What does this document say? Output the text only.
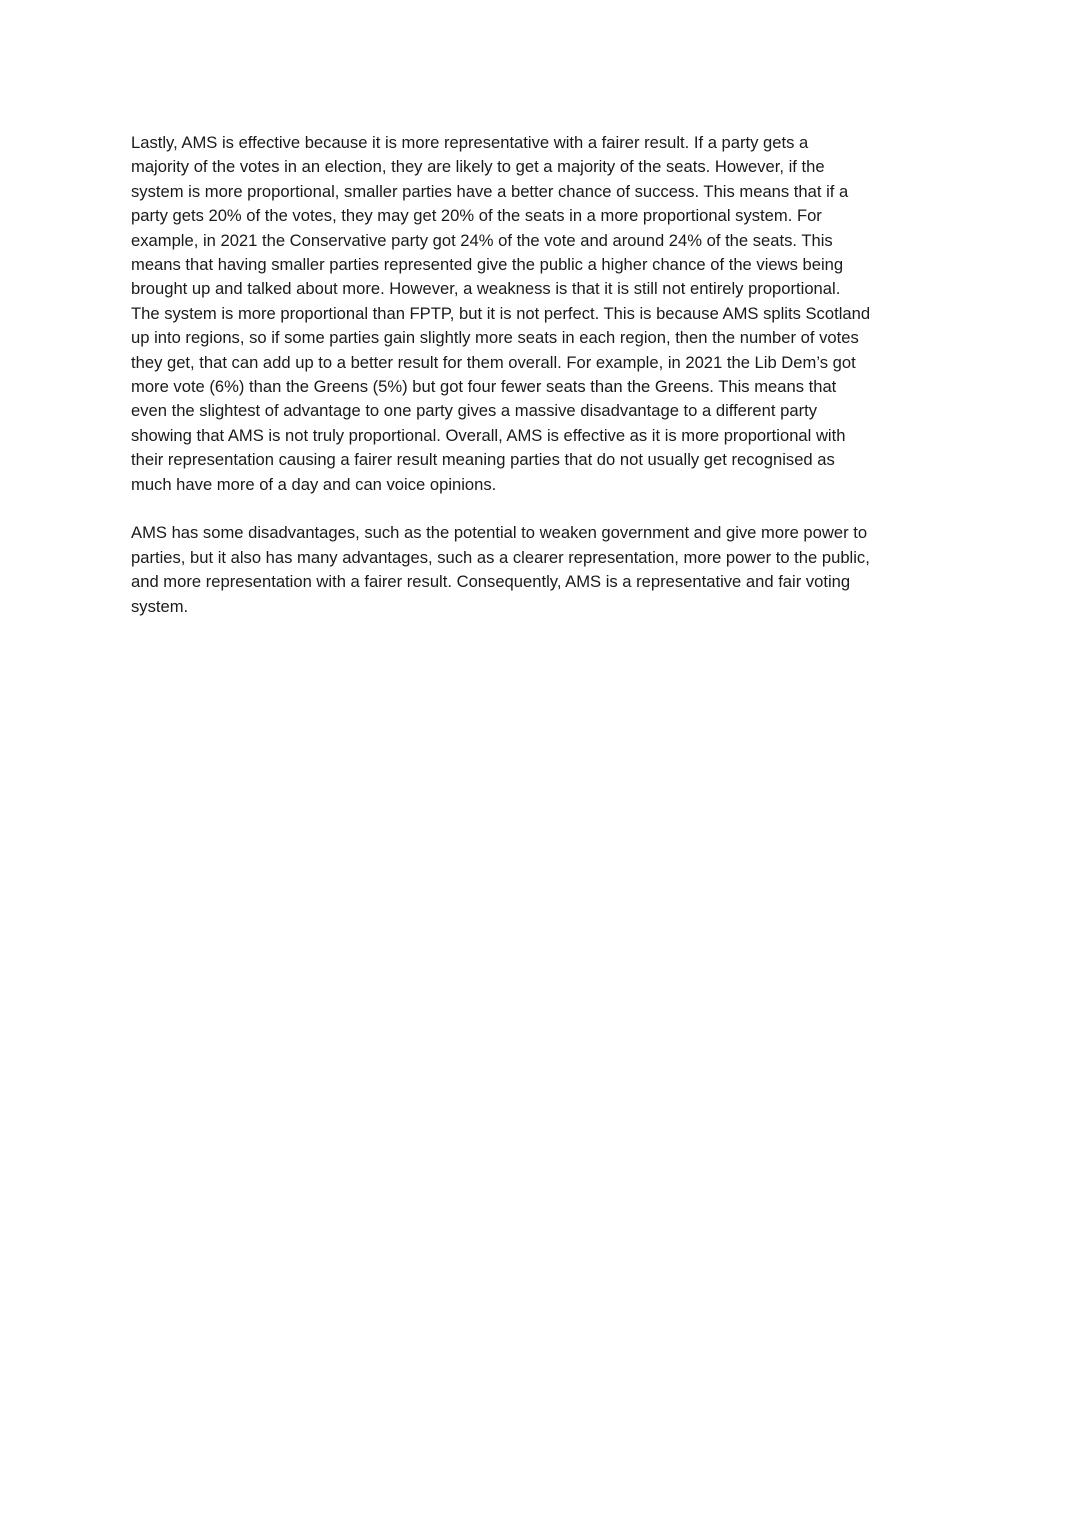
Lastly, AMS is effective because it is more representative with a fairer result. If a party gets a
majority of the votes in an election, they are likely to get a majority of the seats. However, if the
system is more proportional, smaller parties have a better chance of success. This means that if a
party gets 20% of the votes, they may get 20% of the seats in a more proportional system. For
example, in 2021 the Conservative party got 24% of the vote and around 24% of the seats. This
means that having smaller parties represented give the public a higher chance of the views being
brought up and talked about more. However, a weakness is that it is still not entirely proportional.
The system is more proportional than FPTP, but it is not perfect. This is because AMS splits Scotland
up into regions, so if some parties gain slightly more seats in each region, then the number of votes
they get, that can add up to a better result for them overall. For example, in 2021 the Lib Dem’s got
more vote (6%) than the Greens (5%) but got four fewer seats than the Greens. This means that
even the slightest of advantage to one party gives a massive disadvantage to a different party
showing that AMS is not truly proportional. Overall, AMS is effective as it is more proportional with
their representation causing a fairer result meaning parties that do not usually get recognised as
much have more of a day and can voice opinions.

AMS has some disadvantages, such as the potential to weaken government and give more power to
parties, but it also has many advantages, such as a clearer representation, more power to the public,
and more representation with a fairer result. Consequently, AMS is a representative and fair voting
system.
